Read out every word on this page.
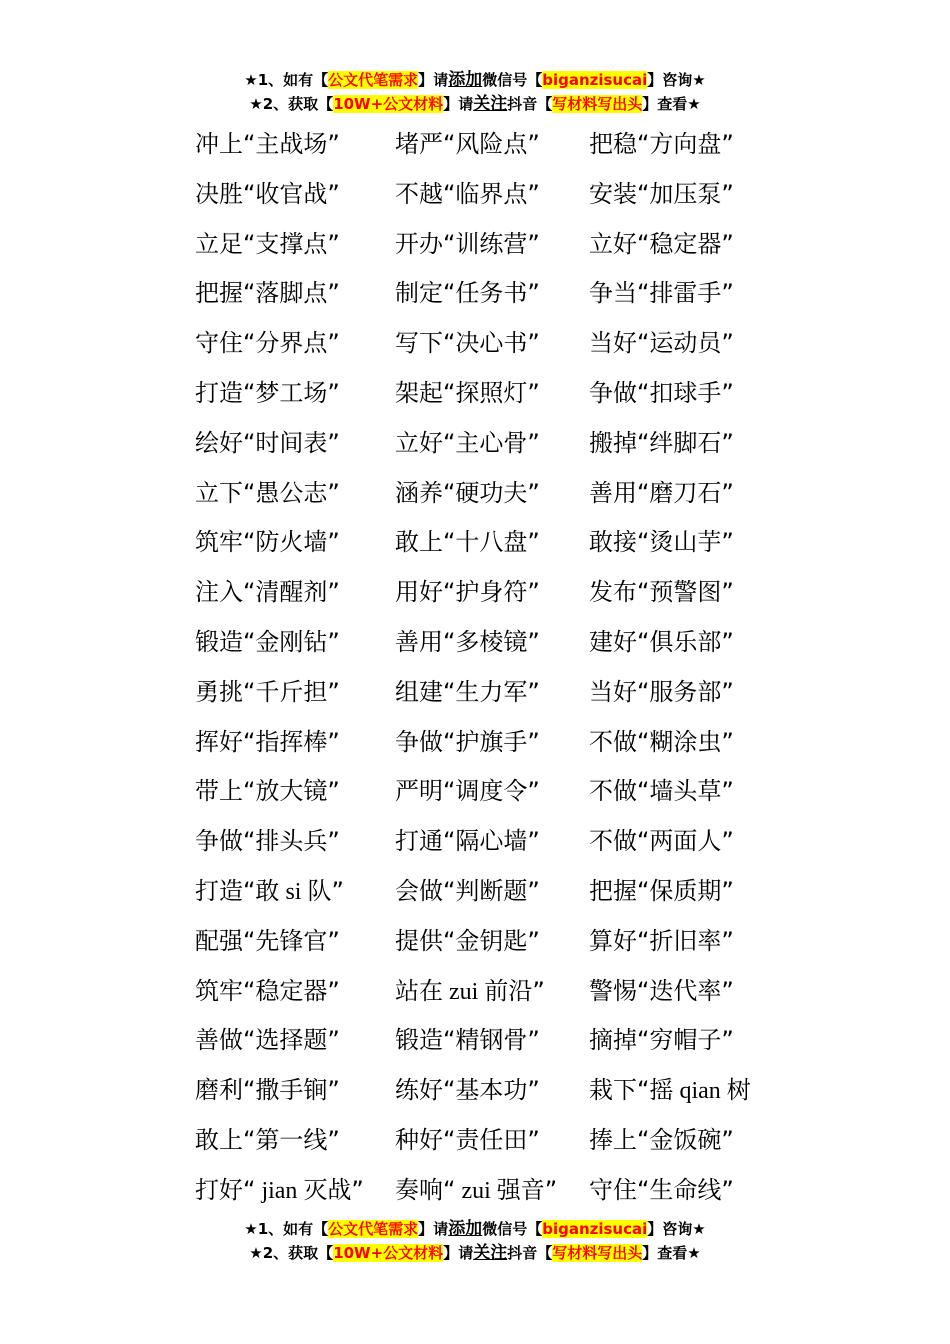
★1、如有【公文代笔需求】请添加微信号【biganzisucai】咨询★
★2、获取【10W+公文材料】请关注抖音【写材料写出头】查看★
冲上“主战场” 堵严“风险点” 把稳“方向盘”
决胜“收官战” 不越“临界点” 安装“加压泵”
立足“支撑点” 开办“训练营” 立好“稳定器”
把握“落脚点” 制定“任务书” 争当“排雷手”
守住“分界点” 写下“决心书” 当好“运动员”
打造“梦工场” 架起“探照灯” 争做“扣球手”
绘好“时间表” 立好“主心骨” 搬掉“绊脚石”
立下“愚公志” 涵养“硬功夫” 善用“磨刀石”
筑牢“防火墙” 敢上“十八盘” 敢接“烫山芋”
注入“清醒剂” 用好“护身符” 发布“预警图”
锻造“金刚钻” 善用“多棱镜” 建好“俱乐部”
勇挑“千斤担” 组建“生力军” 当好“服务部”
挥好“指挥棒” 争做“护旗手” 不做“糊涂虫”
带上“放大镜” 严明“调度令” 不做“墙头草”
争做“排头兵” 打通“隔心墙” 不做“两面人”
打造“敢 si 队” 会做“判断题” 把握“保质期”
配强“先锋官” 提供“金钥匙” 算好“折旧率”
筑牢“稳定器” 站在 zui 前沿” 警惕“迭代率”
善做“选择题” 锻造“精钢骨” 摘掉“穷帽子”
磨利“撒手锏” 练好“基本功” 栽下“摇 qian 树
敢上“第一线” 种好“责任田” 捧上“金饭碗”
打好“ jian 灭战” 奏响“ zui 强音” 守住“生命线”
★1、如有【公文代笔需求】请添加微信号【biganzisucai】咨询★
★2、获取【10W+公文材料】请关注抖音【写材料写出头】查看★
